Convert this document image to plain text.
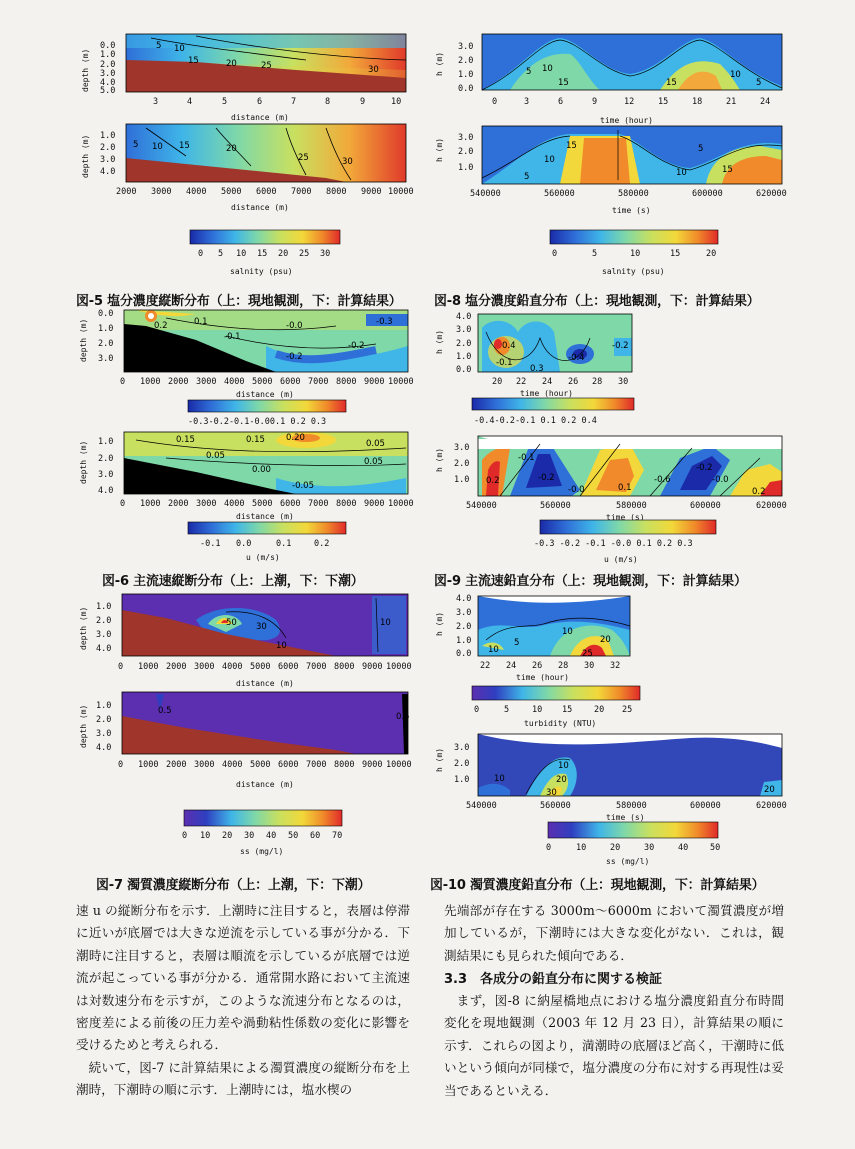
5 10
15	20	25	30
0.0
1.0
2.0
3.0
4.0
5.0
depth (m)
3	4	5	6	7	8	9	10
distance (m)
5 10 15	20
25	30
1.0
2.0
3.0
4.0
depth (m)
2000 3000 4000 5000 6000 7000 8000 9000 10000
distance (m)
0 5 10 15 20 25 30
salnity (psu)
図-5 塩分濃度縦断分布（上：現地観測，下：計算結果）
0.2	0.1
-0.1
-0.0	-0.3
-0.2
-0.2
0.0
1.0
2.0
3.0
depth (m)
0 1000 2000 3000 4000 5000 6000 7000 8000 9000 10000
distance (m)
-0.3-0.2-0.1-0.00.1 0.2 0.3
0.15	0.15 0.20
0.05
0.05
0.05
0.00
-0.05
1.0
2.0
3.0
4.0
depth (m)
0 1000 2000 3000 4000 5000 6000 7000 8000 9000 10000
distance (m)
-0.1 0.0	0.1	0.2
u (m/s)
図-6 主流速縦断分布（上：上潮，下：下潮）
50 30
10
10
1.0
2.0
3.0
4.0
depth (m)
0 1000 2000 3000 4000 5000 6000 7000 8000 9000 10000
distance (m)
0.5
0.5
1.0
2.0
3.0
4.0
depth (m)
0 1000 2000 3000 4000 5000 6000 7000 8000 9000 10000
distance (m)
0 10 20 30 40 50 60 70
ss (mg/l)
図-7 濁質濃度縦断分布（上：上潮，下：下潮）
5 10
15	15
10
5
3.0
2.0
1.0
0.0
h (m)
0	3	6	9	12	15	18	21	24
time (hour)
15
10
5
5
10	15
3.0
2.0
1.0
h (m)
540000	560000	580000	600000	620000
time (s)
0	5	10	15	20
salnity (psu)
図-8 塩分濃度鉛直分布（上：現地観測，下：計算結果）
0.4
-0.1
0.3
-0.4
-0.2
4.0
3.0
2.0
1.0
0.0
h (m)
20 22 24 26 28 30
time (hour)
-0.4-0.2-0.1 0.1 0.2 0.4
-0.1
0.2	-0.2
-0.0	0.1
-0.6
-0.2
-0.0
0.2
3.0
2.0
1.0
h (m)
540000	560000	580000	600000	620000
time (s)
-0.3 -0.2 -0.1 -0.0 0.1 0.2 0.3
u (m/s)
図-9 主流速鉛直分布（上：現地観測，下：計算結果）
10
5
10
20
25
4.0
3.0
2.0
1.0
0.0
h (m)
22 24 26 28 30 32
time (hour)
0	5	10 15	20 25
turbidity (NTU)
10	20
30
10
20
3.0
2.0
1.0
h (m)
540000	560000	580000	600000	620000
time (s)
0	10	20	30	40	50
ss (mg/l)
図-10 濁質濃度鉛直分布（上：現地観測，下：計算結果）

速 u の縦断分布を示す．上潮時に注目すると，表層は停滞に近いが底層では大きな逆流を示している事が分かる．下潮時に注目すると，表層は順流を示しているが底層では逆流が起こっている事が分かる．通常開水路において主流速は対数速分布を示すが，このような流速分布となるのは，密度差による前後の圧力差や渦動粘性係数の変化に影響を受けるためと考えられる．

続いて，図-7 に計算結果による濁質濃度の縦断分布を上潮時，下潮時の順に示す．上潮時には，塩水楔の

先端部が存在する 3000m～6000m において濁質濃度が増加しているが，下潮時には大きな変化がない．これは，観測結果にも見られた傾向である．

3.3　各成分の鉛直分布に関する検証

まず，図-8 に納屋橋地点における塩分濃度鉛直分布時間変化を現地観測（2003 年 12 月 23 日），計算結果の順に示す．これらの図より，満潮時の底層ほど高く，干潮時に低いという傾向が同様で，塩分濃度の分布に対する再現性は妥当であるといえる．
